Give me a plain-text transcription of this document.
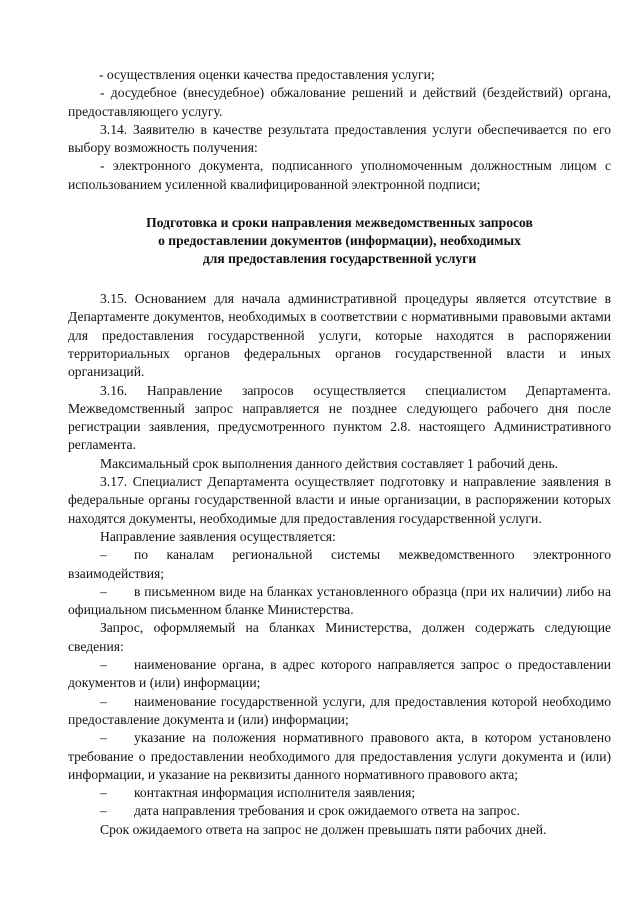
- осуществления оценки качества предоставления услуги;

- досудебное (внесудебное) обжалование решений и действий (бездействий) органа, предоставляющего услугу.

3.14. Заявителю в качестве результата предоставления услуги обеспечивается по его выбору возможность получения:

- электронного документа, подписанного уполномоченным должностным лицом с использованием усиленной квалифицированной электронной подписи;

Подготовка и сроки направления межведомственных запросов
о предоставлении документов (информации), необходимых
для предоставления государственной услуги

3.15. Основанием для начала административной процедуры является отсутствие в Департаменте документов, необходимых в соответствии с нормативными правовыми актами для предоставления государственной услуги, которые находятся в распоряжении территориальных органов федеральных органов государственной власти и иных организаций.

3.16. Направление запросов осуществляется специалистом Департамента. Межведомственный запрос направляется не позднее следующего рабочего дня после регистрации заявления, предусмотренного пунктом 2.8. настоящего Административного регламента.

Максимальный срок выполнения данного действия составляет 1 рабочий день.

3.17. Специалист Департамента осуществляет подготовку и направление заявления в федеральные органы государственной власти и иные организации, в распоряжении которых находятся документы, необходимые для предоставления государственной услуги.

Направление заявления осуществляется:

– по каналам региональной системы межведомственного электронного взаимодействия;

– в письменном виде на бланках установленного образца (при их наличии) либо на официальном письменном бланке Министерства.

Запрос, оформляемый на бланках Министерства, должен содержать следующие сведения:

– наименование органа, в адрес которого направляется запрос о предоставлении документов и (или) информации;

– наименование государственной услуги, для предоставления которой необходимо предоставление документа и (или) информации;

– указание на положения нормативного правового акта, в котором установлено требование о предоставлении необходимого для предоставления услуги документа и (или) информации, и указание на реквизиты данного нормативного правового акта;

– контактная информация исполнителя заявления;

– дата направления требования и срок ожидаемого ответа на запрос.

Срок ожидаемого ответа на запрос не должен превышать пяти рабочих дней.
